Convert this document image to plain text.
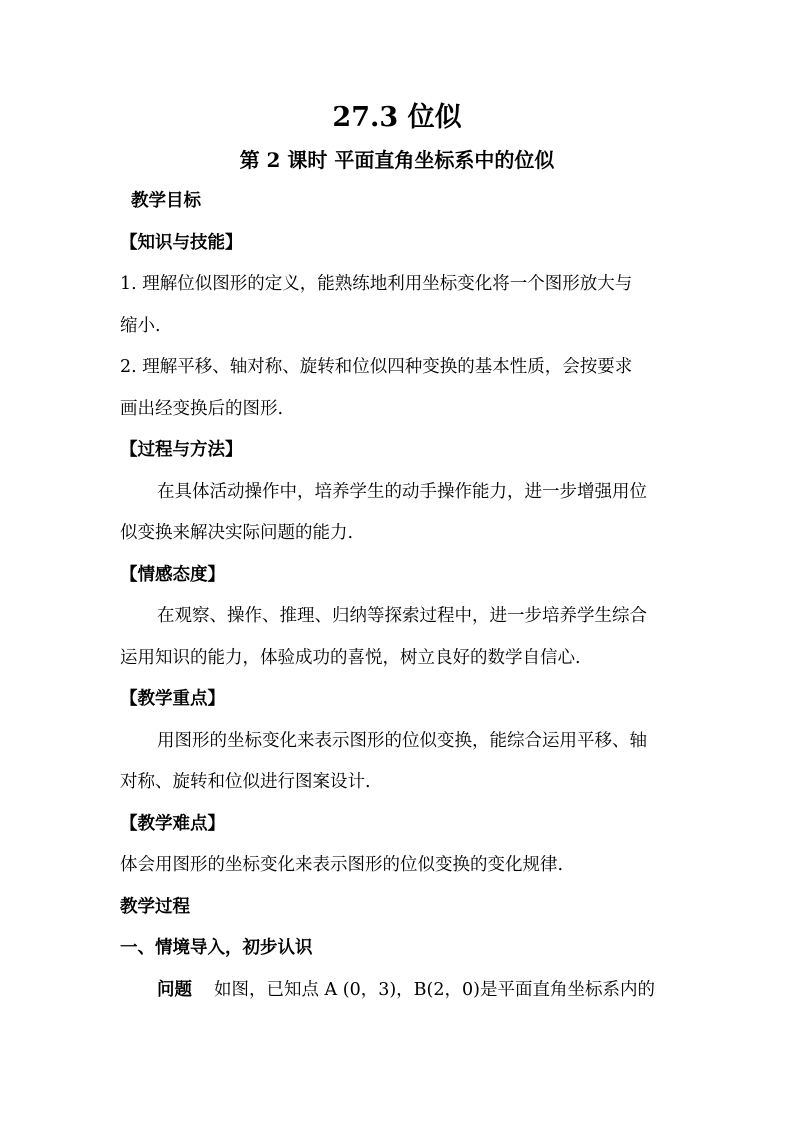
27.3 位似
第 2 课时 平面直角坐标系中的位似
教学目标
【知识与技能】
1. 理解位似图形的定义，能熟练地利用坐标变化将一个图形放大与
缩小.
2. 理解平移、轴对称、旋转和位似四种变换的基本性质，会按要求
画出经变换后的图形.
【过程与方法】
在具体活动操作中，培养学生的动手操作能力，进一步增强用位
似变换来解决实际问题的能力.
【情感态度】
在观察、操作、推理、归纳等探索过程中，进一步培养学生综合
运用知识的能力，体验成功的喜悦，树立良好的数学自信心.
【教学重点】
用图形的坐标变化来表示图形的位似变换，能综合运用平移、轴
对称、旋转和位似进行图案设计.
【教学难点】
体会用图形的坐标变化来表示图形的位似变换的变化规律.
教学过程
一、情境导入，初步认识
问题 如图，已知点 A (0，3)，B(2，0)是平面直角坐标系内的
